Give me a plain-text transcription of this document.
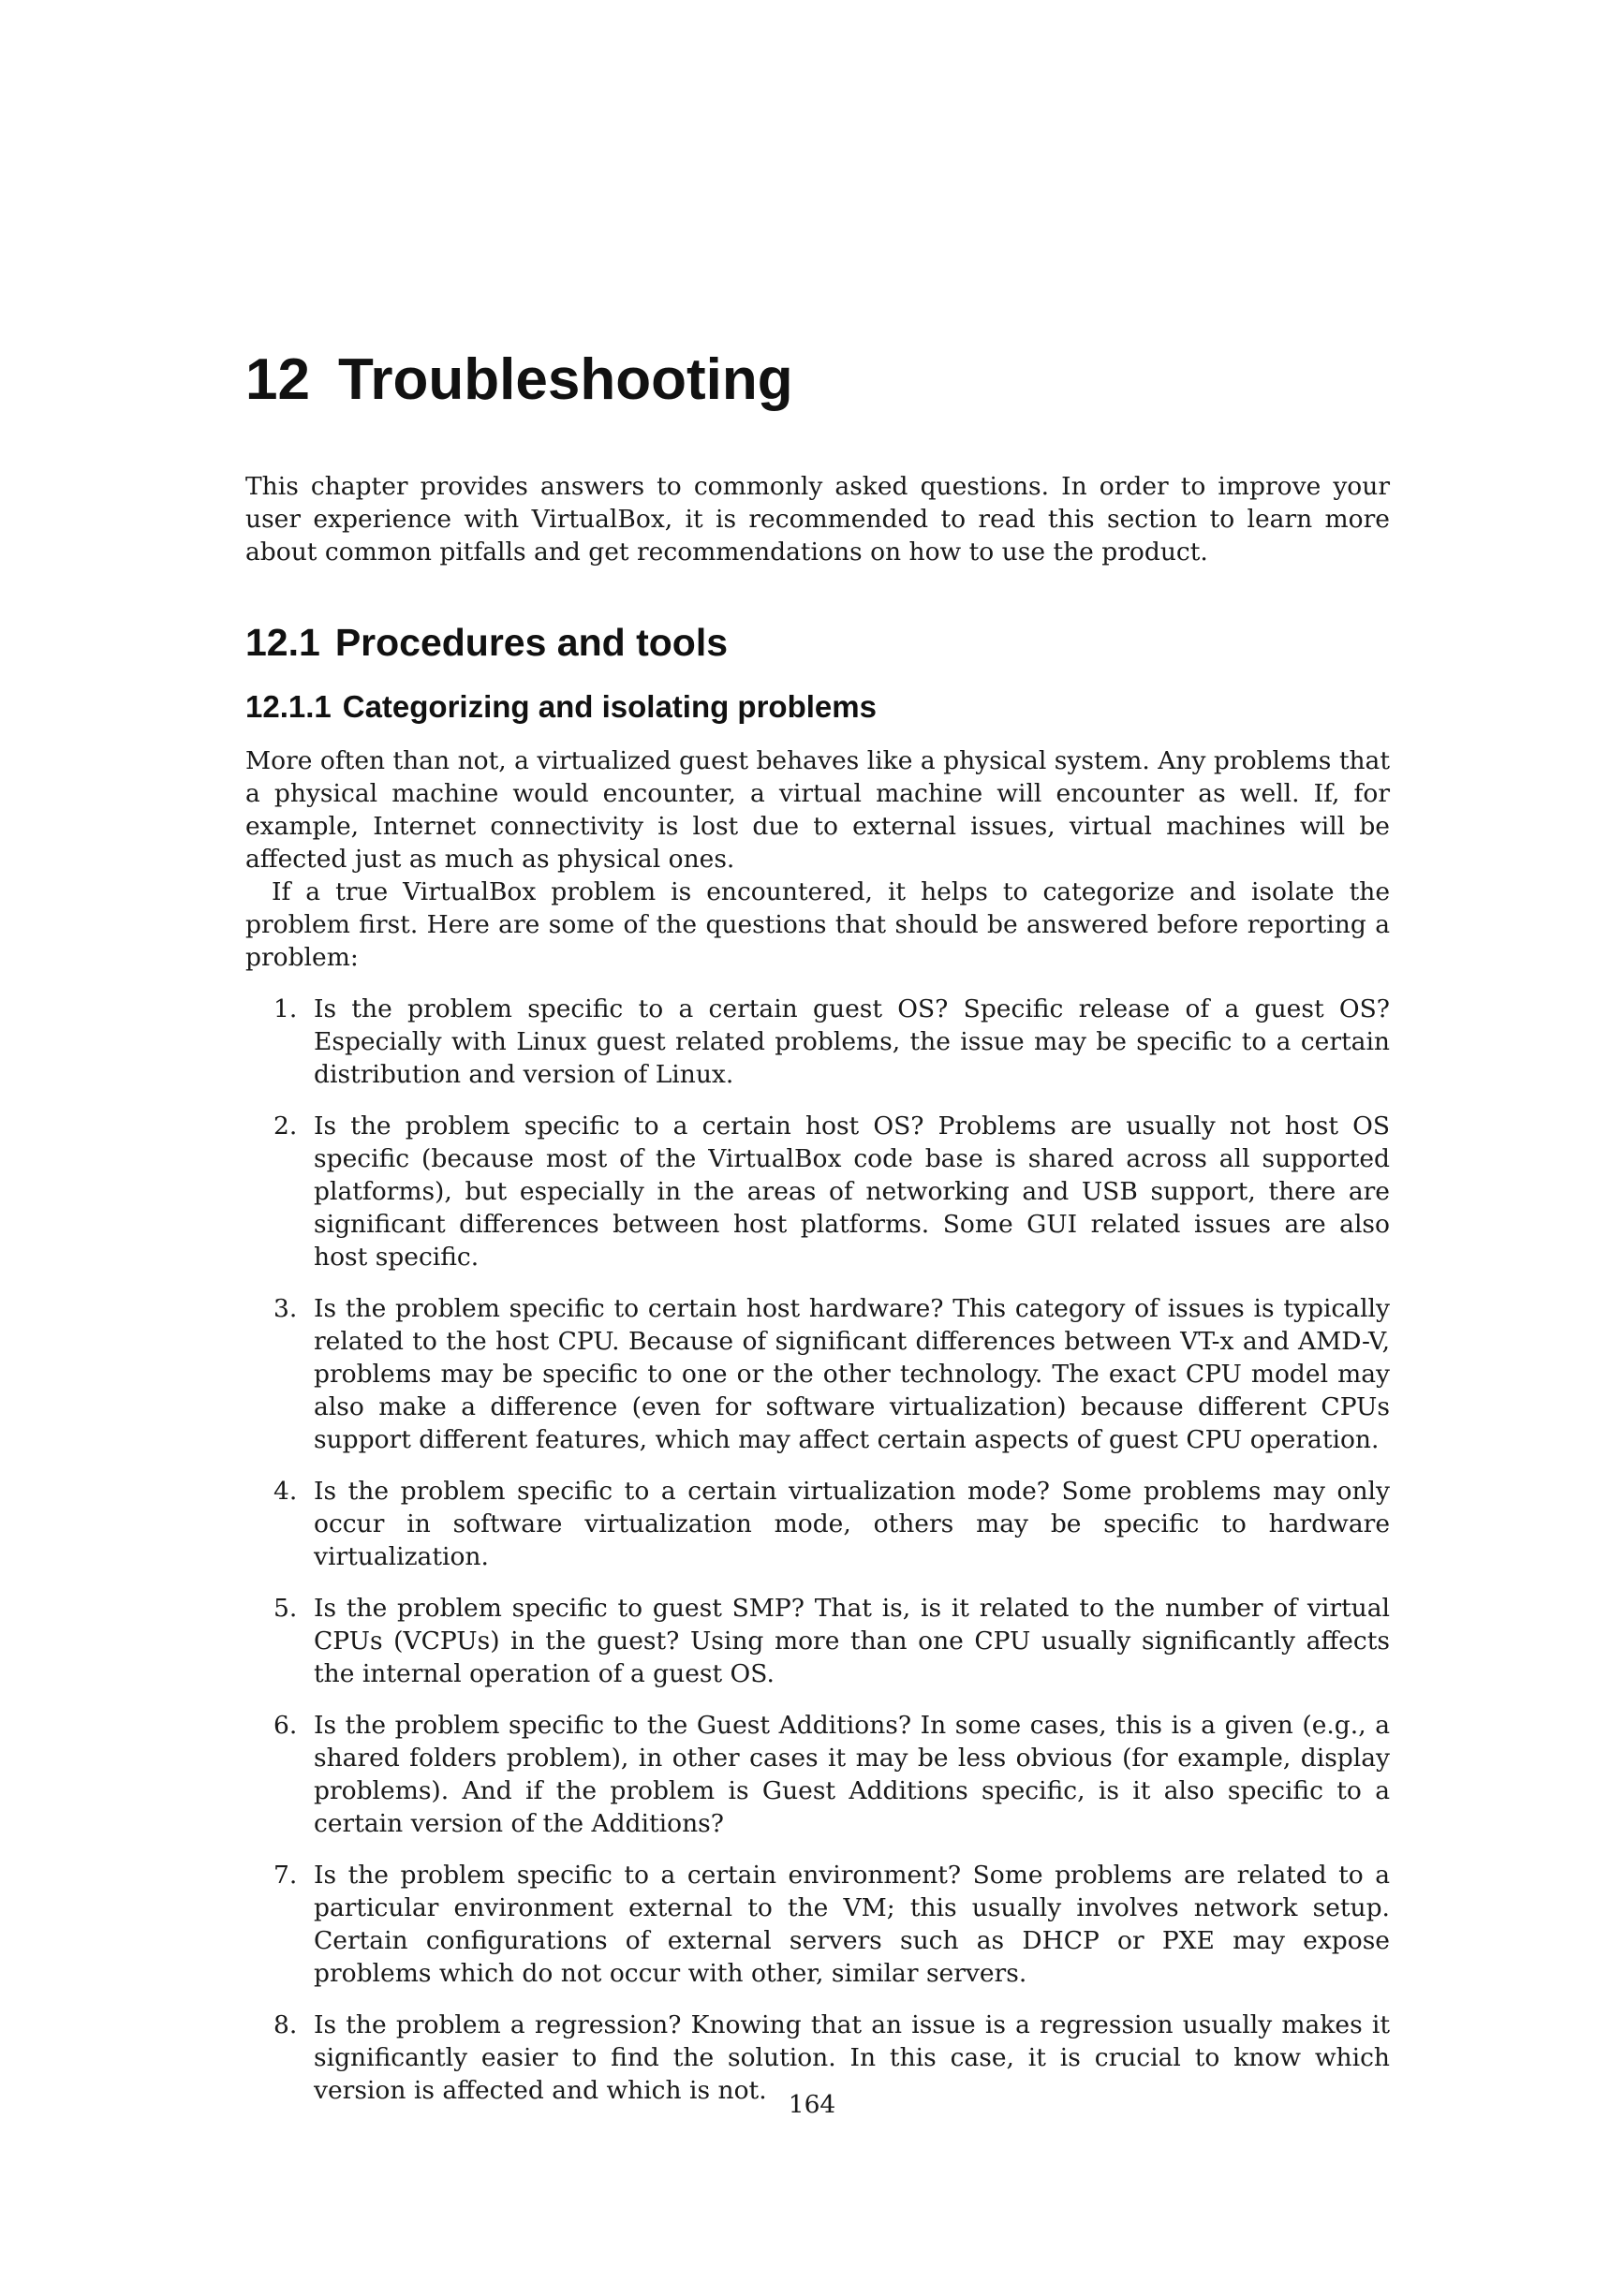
12 Troubleshooting

This chapter provides answers to commonly asked questions. In order to improve your user experience with VirtualBox, it is recommended to read this section to learn more about common pitfalls and get recommendations on how to use the product.

12.1 Procedures and tools
12.1.1 Categorizing and isolating problems

More often than not, a virtualized guest behaves like a physical system. Any problems that a physical machine would encounter, a virtual machine will encounter as well. If, for example, Internet connectivity is lost due to external issues, virtual machines will be affected just as much as physical ones.

If a true VirtualBox problem is encountered, it helps to categorize and isolate the problem first. Here are some of the questions that should be answered before reporting a problem:

1. Is the problem specific to a certain guest OS? Specific release of a guest OS? Especially with Linux guest related problems, the issue may be specific to a certain distribution and version of Linux.
2. Is the problem specific to a certain host OS? Problems are usually not host OS specific (because most of the VirtualBox code base is shared across all supported platforms), but especially in the areas of networking and USB support, there are significant differences between host platforms. Some GUI related issues are also host specific.
3. Is the problem specific to certain host hardware? This category of issues is typically related to the host CPU. Because of significant differences between VT-x and AMD-V, problems may be specific to one or the other technology. The exact CPU model may also make a difference (even for software virtualization) because different CPUs support different features, which may affect certain aspects of guest CPU operation.
4. Is the problem specific to a certain virtualization mode? Some problems may only occur in software virtualization mode, others may be specific to hardware virtualization.
5. Is the problem specific to guest SMP? That is, is it related to the number of virtual CPUs (VCPUs) in the guest? Using more than one CPU usually significantly affects the internal operation of a guest OS.
6. Is the problem specific to the Guest Additions? In some cases, this is a given (e.g., a shared folders problem), in other cases it may be less obvious (for example, display problems). And if the problem is Guest Additions specific, is it also specific to a certain version of the Additions?
7. Is the problem specific to a certain environment? Some problems are related to a particular environment external to the VM; this usually involves network setup. Certain configurations of external servers such as DHCP or PXE may expose problems which do not occur with other, similar servers.
8. Is the problem a regression? Knowing that an issue is a regression usually makes it significantly easier to find the solution. In this case, it is crucial to know which version is affected and which is not. 164
